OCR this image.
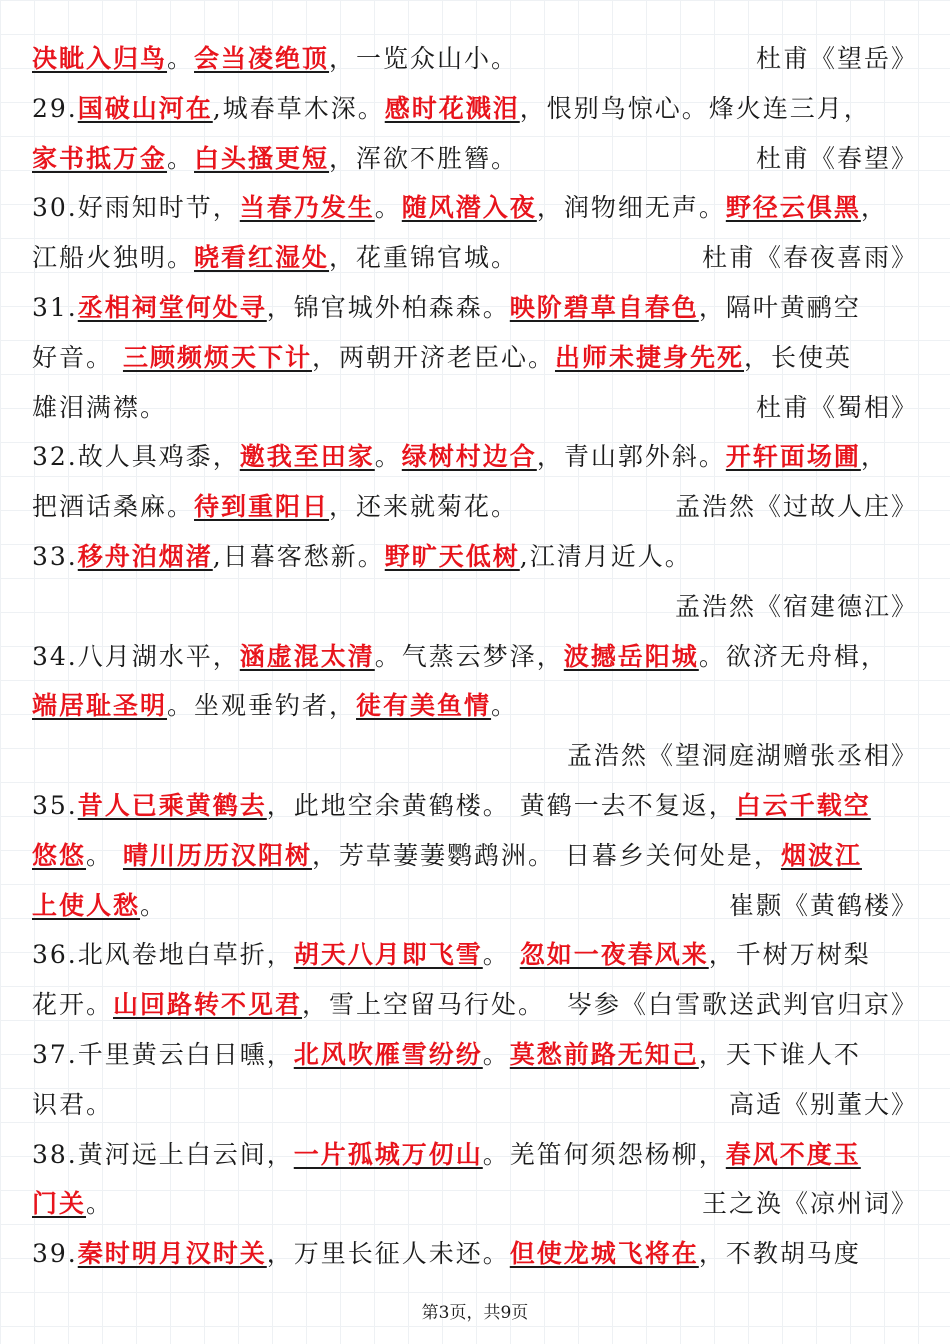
决眦入归鸟。会当凌绝顶，一览众山小。	杜甫《望岳》
29.国破山河在,城春草木深。感时花溅泪，恨别鸟惊心。烽火连三月，
家书抵万金。白头搔更短，浑欲不胜簪。	杜甫《春望》
30.好雨知时节，当春乃发生。随风潜入夜，润物细无声。野径云俱黑，
江船火独明。晓看红湿处，花重锦官城。	杜甫《春夜喜雨》
31.丞相祠堂何处寻，锦官城外柏森森。映阶碧草自春色，隔叶黄鹂空
好音。 三顾频烦天下计，两朝开济老臣心。出师未捷身先死，长使英
雄泪满襟。	杜甫《蜀相》
32.故人具鸡黍，邀我至田家。绿树村边合，青山郭外斜。开轩面场圃，
把酒话桑麻。待到重阳日，还来就菊花。	孟浩然《过故人庄》
33.移舟泊烟渚,日暮客愁新。野旷天低树,江清月近人。
孟浩然《宿建德江》
34.八月湖水平，涵虚混太清。气蒸云梦泽，波撼岳阳城。欲济无舟楫，
端居耻圣明。坐观垂钓者，徒有美鱼情。
孟浩然《望洞庭湖赠张丞相》
35.昔人已乘黄鹤去，此地空余黄鹤楼。 黄鹤一去不复返，白云千载空
悠悠。 晴川历历汉阳树，芳草萋萋鹦鹉洲。 日暮乡关何处是，烟波江
上使人愁。	崔颢《黄鹤楼》
36.北风卷地白草折，胡天八月即飞雪。 忽如一夜春风来，千树万树梨
花开。山回路转不见君，雪上空留马行处。 岑参《白雪歌送武判官归京》
37.千里黄云白日曛，北风吹雁雪纷纷。莫愁前路无知己，天下谁人不
识君。	高适《别董大》
38.黄河远上白云间，一片孤城万仞山。羌笛何须怨杨柳，春风不度玉
门关。	王之涣《凉州词》
39.秦时明月汉时关，万里长征人未还。但使龙城飞将在，不教胡马度
第3页，共9页
